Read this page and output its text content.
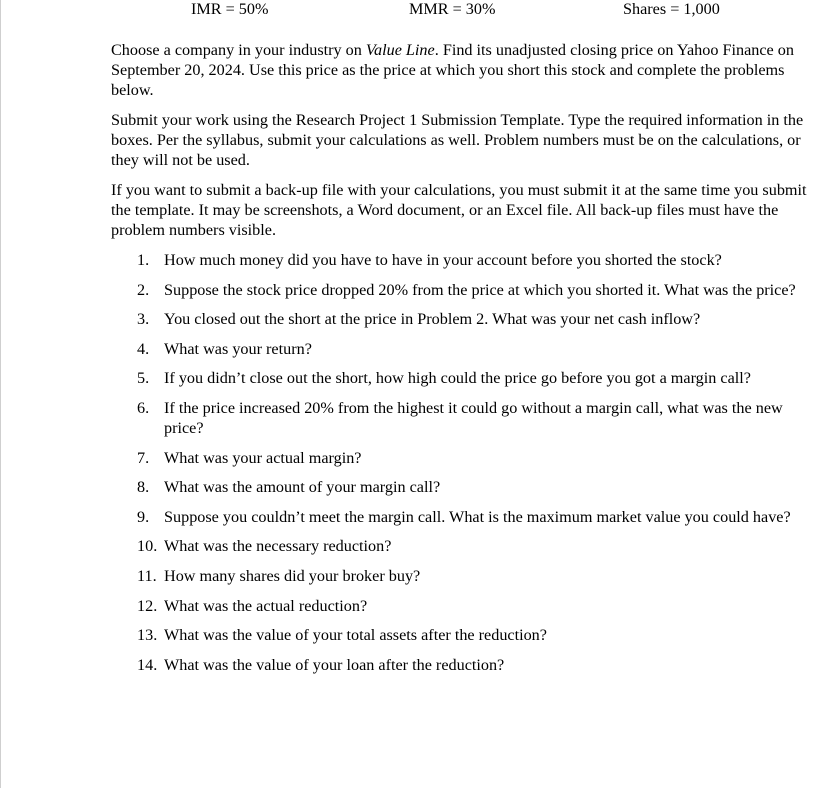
IMR = 50%	MMR = 30%	Shares = 1,000

Choose a company in your industry on Value Line. Find its unadjusted closing price on Yahoo Finance on September 20, 2024. Use this price as the price at which you short this stock and complete the problems below.

Submit your work using the Research Project 1 Submission Template. Type the required information in the boxes. Per the syllabus, submit your calculations as well. Problem numbers must be on the calculations, or they will not be used.

If you want to submit a back-up file with your calculations, you must submit it at the same time you submit the template. It may be screenshots, a Word document, or an Excel file. All back-up files must have the problem numbers visible.

1. How much money did you have to have in your account before you shorted the stock?
2. Suppose the stock price dropped 20% from the price at which you shorted it. What was the price?
3. You closed out the short at the price in Problem 2. What was your net cash inflow?
4. What was your return?
5. If you didn’t close out the short, how high could the price go before you got a margin call?
6. If the price increased 20% from the highest it could go without a margin call, what was the new price?
7. What was your actual margin?
8. What was the amount of your margin call?
9. Suppose you couldn’t meet the margin call. What is the maximum market value you could have?
10. What was the necessary reduction?
11. How many shares did your broker buy?
12. What was the actual reduction?
13. What was the value of your total assets after the reduction?
14. What was the value of your loan after the reduction?
